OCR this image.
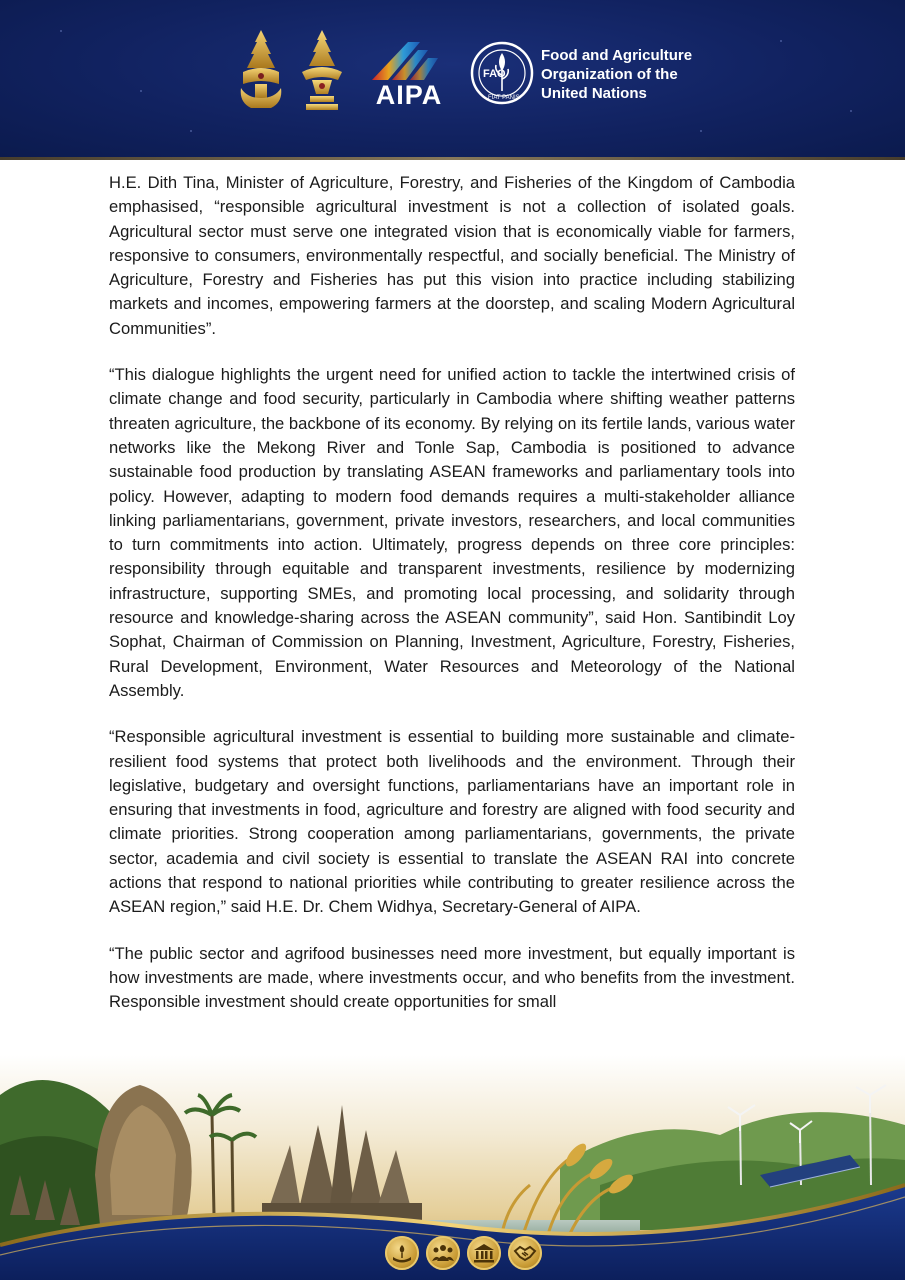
AIPA
FAO
FIAT PANIS
Food and Agriculture
Organization of the
United Nations

H.E. Dith Tina, Minister of Agriculture, Forestry, and Fisheries of the Kingdom of Cambodia emphasised, “responsible agricultural investment is not a collection of isolated goals. Agricultural sector must serve one integrated vision that is economically viable for farmers, responsive to consumers, environmentally respectful, and socially beneficial. The Ministry of Agriculture, Forestry and Fisheries has put this vision into practice including stabilizing markets and incomes, empowering farmers at the doorstep, and scaling Modern Agricultural Communities”.

“This dialogue highlights the urgent need for unified action to tackle the intertwined crisis of climate change and food security, particularly in Cambodia where shifting weather patterns threaten agriculture, the backbone of its economy. By relying on its fertile lands, various water networks like the Mekong River and Tonle Sap, Cambodia is positioned to advance sustainable food production by translating ASEAN frameworks and parliamentary tools into policy. However, adapting to modern food demands requires a multi-stakeholder alliance linking parliamentarians, government, private investors, researchers, and local communities to turn commitments into action. Ultimately, progress depends on three core principles: responsibility through equitable and transparent investments, resilience by modernizing infrastructure, supporting SMEs, and promoting local processing, and solidarity through resource and knowledge-sharing across the ASEAN community”, said Hon. Santibindit Loy Sophat, Chairman of Commission on Planning, Investment, Agriculture, Forestry, Fisheries, Rural Development, Environment, Water Resources and Meteorology of the National Assembly.

“Responsible agricultural investment is essential to building more sustainable and climate-resilient food systems that protect both livelihoods and the environment. Through their legislative, budgetary and oversight functions, parliamentarians have an important role in ensuring that investments in food, agriculture and forestry are aligned with food security and climate priorities. Strong cooperation among parliamentarians, governments, the private sector, academia and civil society is essential to translate the ASEAN RAI into concrete actions that respond to national priorities while contributing to greater resilience across the ASEAN region,” said H.E. Dr. Chem Widhya, Secretary-General of AIPA.

“The public sector and agrifood businesses need more investment, but equally important is how investments are made, where investments occur, and who benefits from the investment. Responsible investment should create opportunities for small
